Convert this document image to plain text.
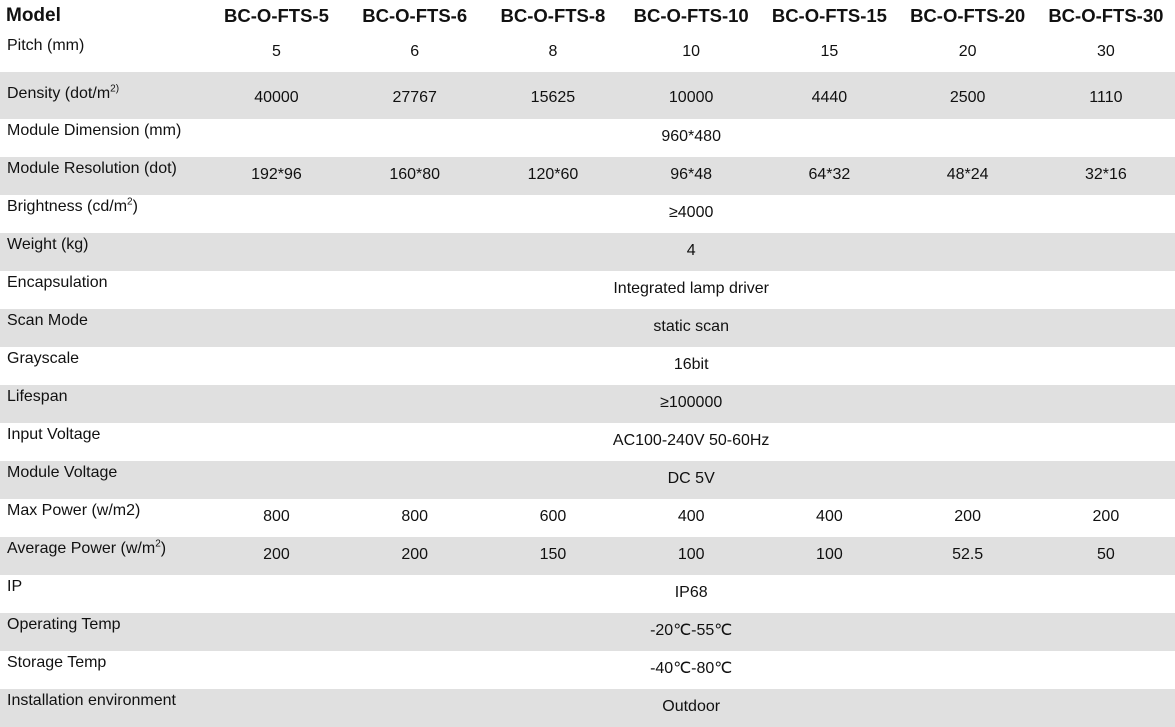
Model	BC-O-FTS-5	BC-O-FTS-6	BC-O-FTS-8	BC-O-FTS-10	BC-O-FTS-15	BC-O-FTS-20	BC-O-FTS-30
Pitch (mm)	5	6	8	10	15	20	30
Density ($dot/m^{2)}$	40000	27767	15625	10000	4440	2500	1110
Module Dimension (mm)	960*480						
Module Resolution (dot)	192*96	160*80	120*60	96*48	64*32	48*24	32*16
Brightness $(cd/m^2)$	≥4000						
Weight (kg)	4						
Encapsulation	Integrated lamp driver						
Scan Mode	static scan						
Grayscale	16bit						
Lifespan	≥100000						
Input Voltage	AC100-240V 50-60Hz						
Module Voltage	DC 5V						
Max Power (w/m2)	800	800	600	400	400	200	200
Average Power $(w/m^2)$	200	200	150	100	100	52.5	50
IP	IP68						
Operating Temp	-20℃-55℃						
Storage Temp	-40℃-80℃						
Installation environment	Outdoor						
